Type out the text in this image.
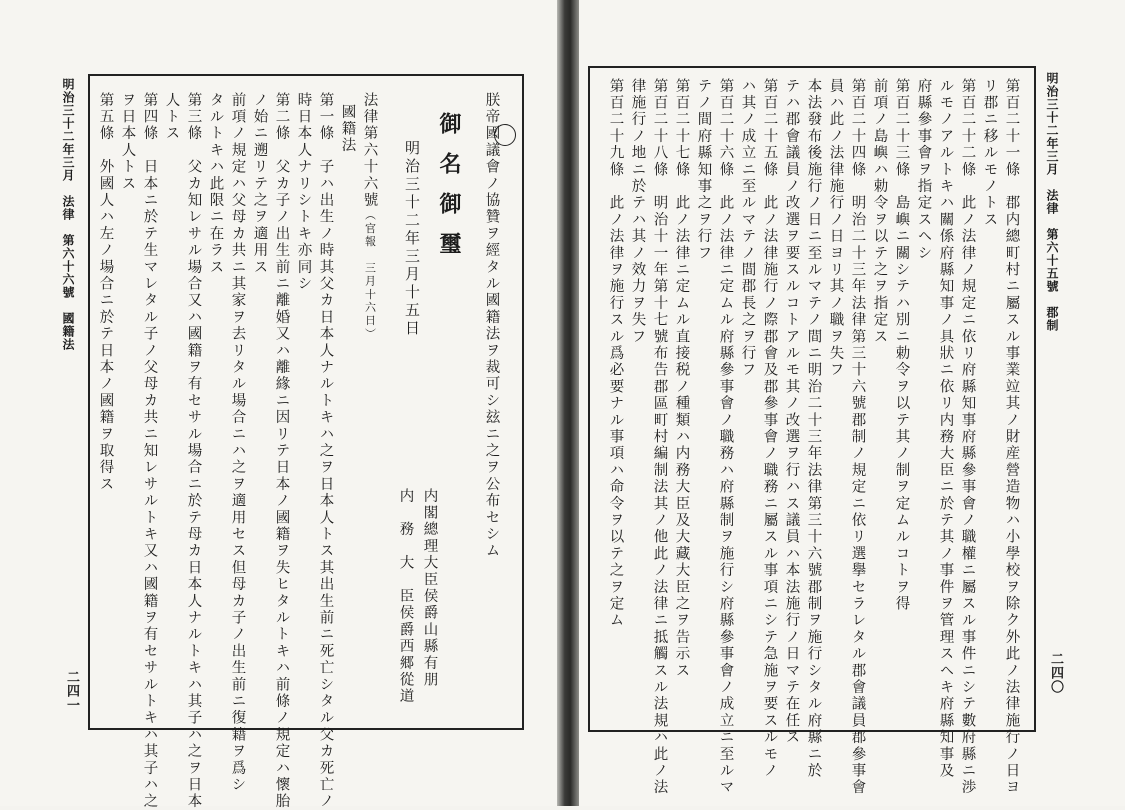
明治三十二年三月　法律　第六十六號　國籍法
二四一
朕帝國議會ノ協贊ヲ經タル國籍法ヲ裁可シ玆ニ之ヲ公布セシム
御名御璽
明治三十二年三月十五日
内閣總理大臣侯爵山縣有朋
内　務　大　臣侯爵西郷從道
法律第六十六號（官報　三月十六日）
國籍法
第一條　子ハ出生ノ時其父カ日本人ナルトキハ之ヲ日本人トス其出生前ニ死亡シタル父カ死亡ノ
時日本人ナリシトキ亦同シ
第二條　父カ子ノ出生前ニ離婚又ハ離緣ニ因リテ日本ノ國籍ヲ失ヒタルトキハ前條ノ規定ハ懷胎
ノ始ニ遡リテ之ヲ適用ス
前項ノ規定ハ父母カ共ニ其家ヲ去リタル場合ニハ之ヲ適用セス但母カ子ノ出生前ニ復籍ヲ爲シ
タルトキハ此限ニ在ラス
第三條　父カ知レサル場合又ハ國籍ヲ有セサル場合ニ於テ母カ日本人ナルトキハ其子ハ之ヲ日本
人トス
第四條　日本ニ於テ生マレタル子ノ父母カ共ニ知レサルトキ又ハ國籍ヲ有セサルトキハ其子ハ之
ヲ日本人トス
第五條　外國人ハ左ノ場合ニ於テ日本ノ國籍ヲ取得ス	明治三十二年三月　法律　第六十五號　郡制
二四〇
第百二十一條　郡内總町村ニ屬スル事業竝其ノ財産營造物ハ小學校ヲ除ク外此ノ法律施行ノ日ヨ
リ郡ニ移ルモノトス
第百二十二條　此ノ法律ノ規定ニ依リ府縣知事府縣參事會ノ職權ニ屬スル事件ニシテ數府縣ニ渉
ルモノアルトキハ關係府縣知事ノ具狀ニ依リ内務大臣ニ於テ其ノ事件ヲ管理スヘキ府縣知事及
府縣參事會ヲ指定スヘシ
第百二十三條　島嶼ニ關シテハ別ニ勅令ヲ以テ其ノ制ヲ定ムルコトヲ得
前項ノ島嶼ハ勅令ヲ以テ之ヲ指定ス
第百二十四條　明治二十三年法律第三十六號郡制ノ規定ニ依リ選擧セラレタル郡會議員郡參事會
員ハ此ノ法律施行ノ日ヨリ其ノ職ヲ失フ
本法發布後施行ノ日ニ至ルマテノ間ニ明治二十三年法律第三十六號郡制ヲ施行シタル府縣ニ於
テハ郡會議員ノ改選ヲ要スルコトアルモ其ノ改選ヲ行ハス議員ハ本法施行ノ日マテ在任ス
第百二十五條　此ノ法律施行ノ際郡會及郡參事會ノ職務ニ屬スル事項ニシテ急施ヲ要スルモノ
ハ其ノ成立ニ至ルマテノ間郡長之ヲ行フ
第百二十六條　此ノ法律ニ定ムル府縣參事會ノ職務ハ府縣制ヲ施行シ府縣參事會ノ成立ニ至ルマ
テノ間府縣知事之ヲ行フ
第百二十七條　此ノ法律ニ定ムル直接税ノ種類ハ内務大臣及大藏大臣之ヲ告示ス
第百二十八條　明治十一年第十七號布告郡區町村編制法其ノ他此ノ法律ニ抵觸スル法規ハ此ノ法
律施行ノ地ニ於テハ其ノ效力ヲ失フ
第百二十九條　此ノ法律ヲ施行スル爲必要ナル事項ハ命令ヲ以テ之ヲ定ム
